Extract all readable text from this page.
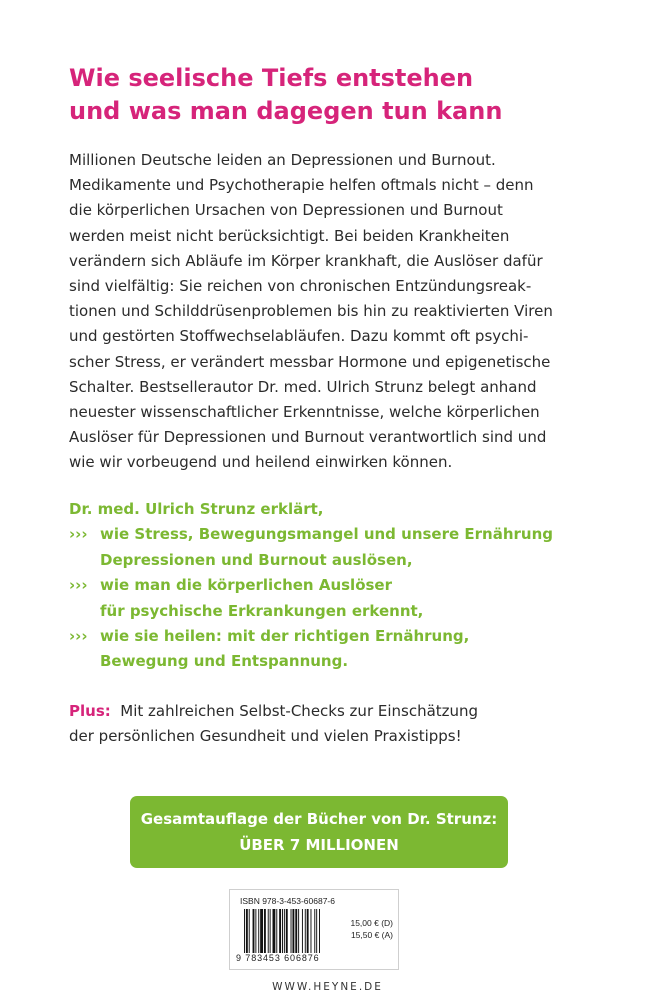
Wie seelische Tiefs entstehen
und was man dagegen tun kann
Millionen Deutsche leiden an Depressionen und Burnout.
Medikamente und Psychotherapie helfen oftmals nicht – denn
die körperlichen Ursachen von Depressionen und Burnout
werden meist nicht berücksichtigt. Bei beiden Krankheiten
verändern sich Abläufe im Körper krankhaft, die Auslöser dafür
sind vielfältig: Sie reichen von chronischen Entzündungsreak-
tionen und Schilddrüsenproblemen bis hin zu reaktivierten Viren
und gestörten Stoffwechselabläufen. Dazu kommt oft psychi-
scher Stress, er verändert messbar Hormone und epigenetische
Schalter. Bestsellerautor Dr. med. Ulrich Strunz belegt anhand
neuester wissenschaftlicher Erkenntnisse, welche körperlichen
Auslöser für Depressionen und Burnout verantwortlich sind und
wie wir vorbeugend und heilend einwirken können.
Dr. med. Ulrich Strunz erklärt,
››› wie Stress, Bewegungsmangel und unsere Ernährung
Depressionen und Burnout auslösen,
››› wie man die körperlichen Auslöser
für psychische Erkrankungen erkennt,
››› wie sie heilen: mit der richtigen Ernährung,
Bewegung und Entspannung.
Plus: Mit zahlreichen Selbst-Checks zur Einschätzung
der persönlichen Gesundheit und vielen Praxistipps!
Gesamtauflage der Bücher von Dr. Strunz:
ÜBER 7 MILLIONEN
ISBN 978-3-453-60687-6
15,00 € (D)
15,50 € (A)
9 783453 606876
WWW.HEYNE.DE
